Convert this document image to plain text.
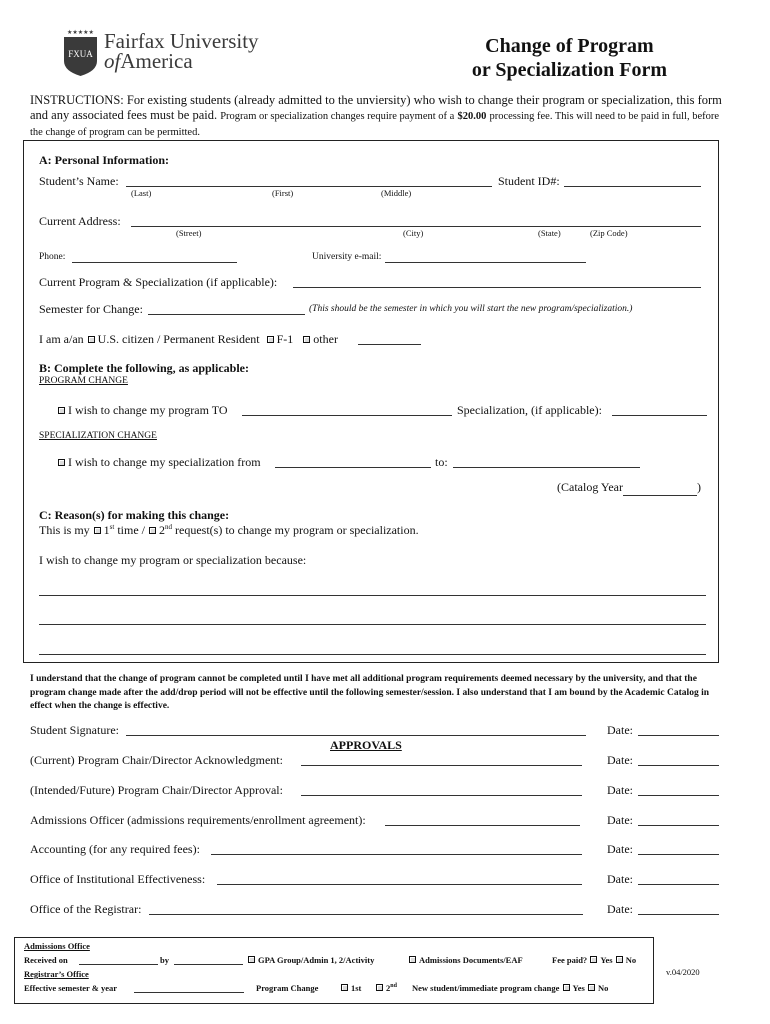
★★★★★
FXUA
Fairfax University
ofAmerica
Change of Program
or Specialization Form
INSTRUCTIONS: For existing students (already admitted to the unviersity) who wish to change their program or specialization, this form and any associated fees must be paid. Program or specialization changes require payment of a $20.00 processing fee. This will need to be paid in full, before the change of program can be permitted.
A: Personal Information:
Student’s Name:
(Last)	(First)	(Middle)
Student ID#:
Current Address:
(Street)	(City)	(State)	(Zip Code)
Phone:	University e-mail:
Current Program & Specialization (if applicable):
Semester for Change:	(This should be the semester in which you will start the new program/specialization.)
I am a/an U.S. citizen / Permanent Resident F-1 other
B: Complete the following, as applicable:
PROGRAM CHANGE
I wish to change my program TO	Specialization, (if applicable):
SPECIALIZATION CHANGE
I wish to change my specialization from	to:
(Catalog Year	)
C: Reason(s) for making this change:
This is my 1st time / 2nd request(s) to change my program or specialization.
I wish to change my program or specialization because:
I understand that the change of program cannot be completed until I have met all additional program requirements deemed necessary by the university, and that the program change made after the add/drop period will not be effective until the following semester/session. I also understand that I am bound by the Academic Catalog in effect when the change is effective.
Student Signature:	Date:
APPROVALS
(Current) Program Chair/Director Acknowledgment:	Date:
(Intended/Future) Program Chair/Director Approval:	Date:
Admissions Officer (admissions requirements/enrollment agreement):	Date:
Accounting (for any required fees):	Date:
Office of Institutional Effectiveness:	Date:
Office of the Registrar:	Date:
Admissions Office
Received on	by	GPA Group/Admin 1, 2/Activity	Admissions Documents/EAF	Fee paid? Yes No
Registrar’s Office
Effective semester & year	Program Change	1st	2nd New student/immediate program change Yes No
v.04/2020
